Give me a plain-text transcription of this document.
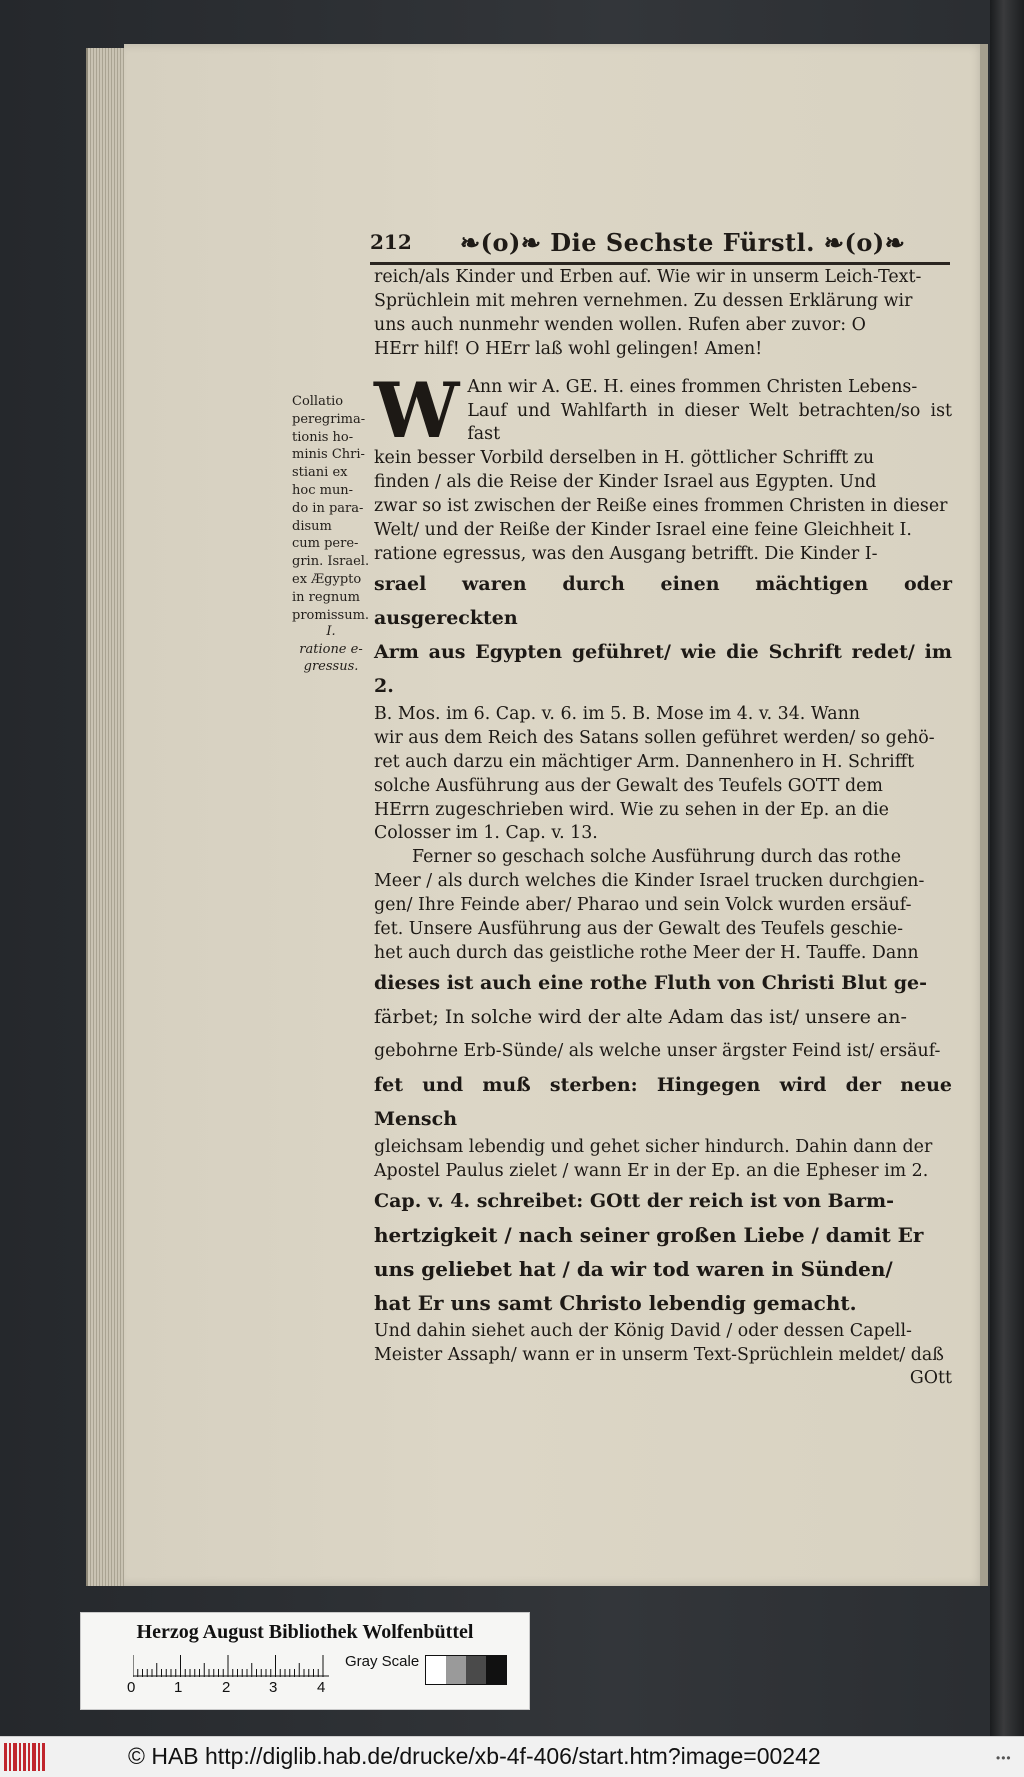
212 ❧(o)❧ Die Sechste Fürstl. ❧(o)❧
Collatio
peregrima-
tionis ho-
minis Chri-
stiani ex
hoc mun-
do in para-
disum
cum pere-
grin. Israel.
ex Ægypto
in regnum
promissum.
I.
ratione e-
gressus.

reich/als Kinder und Erben auf. Wie wir in unserm Leich-Text-

Sprüchlein mit mehren vernehmen. Zu dessen Erklärung wir

uns auch nunmehr wenden wollen. Rufen aber zuvor: O

HErr hilf! O HErr laß wohl gelingen! Amen!

W Ann wir A. GE. H. eines frommen Christen Lebens-

Lauf und Wahlfarth in dieser Welt betrachten/so ist fast

kein besser Vorbild derselben in H. göttlicher Schrifft zu

finden / als die Reise der Kinder Israel aus Egypten. Und

zwar so ist zwischen der Reiße eines frommen Christen in dieser

Welt/ und der Reiße der Kinder Israel eine feine Gleichheit I.

ratione egressus, was den Ausgang betrifft. Die Kinder I-

srael waren durch einen mächtigen oder ausgereckten

Arm aus Egypten geführet/ wie die Schrift redet/ im 2.

B. Mos. im 6. Cap. v. 6. im 5. B. Mose im 4. v. 34. Wann

wir aus dem Reich des Satans sollen geführet werden/ so gehö-

ret auch darzu ein mächtiger Arm. Dannenhero in H. Schrifft

solche Ausführung aus der Gewalt des Teufels GOTT dem

HErrn zugeschrieben wird. Wie zu sehen in der Ep. an die

Colosser im 1. Cap. v. 13.

Ferner so geschach solche Ausführung durch das rothe

Meer / als durch welches die Kinder Israel trucken durchgien-

gen/ Ihre Feinde aber/ Pharao und sein Volck wurden ersäuf-

fet. Unsere Ausführung aus der Gewalt des Teufels geschie-

het auch durch das geistliche rothe Meer der H. Tauffe. Dann

dieses ist auch eine rothe Fluth von Christi Blut ge-

färbet; In solche wird der alte Adam das ist/ unsere an-

gebohrne Erb-Sünde/ als welche unser ärgster Feind ist/ ersäuf-

fet und muß sterben: Hingegen wird der neue Mensch

gleichsam lebendig und gehet sicher hindurch. Dahin dann der

Apostel Paulus zielet / wann Er in der Ep. an die Epheser im 2.

Cap. v. 4. schreibet: GOtt der reich ist von Barm-

hertzigkeit / nach seiner großen Liebe / damit Er

uns geliebet hat / da wir tod waren in Sünden/

hat Er uns samt Christo lebendig gemacht.

Und dahin siehet auch der König David / oder dessen Capell-

Meister Assaph/ wann er in unserm Text-Sprüchlein meldet/ daß

GOtt

Herzog August Bibliothek Wolfenbüttel
0	1	2	3	4
Gray Scale
© HAB http://diglib.hab.de/drucke/xb-4f-406/start.htm?image=00242	•••
